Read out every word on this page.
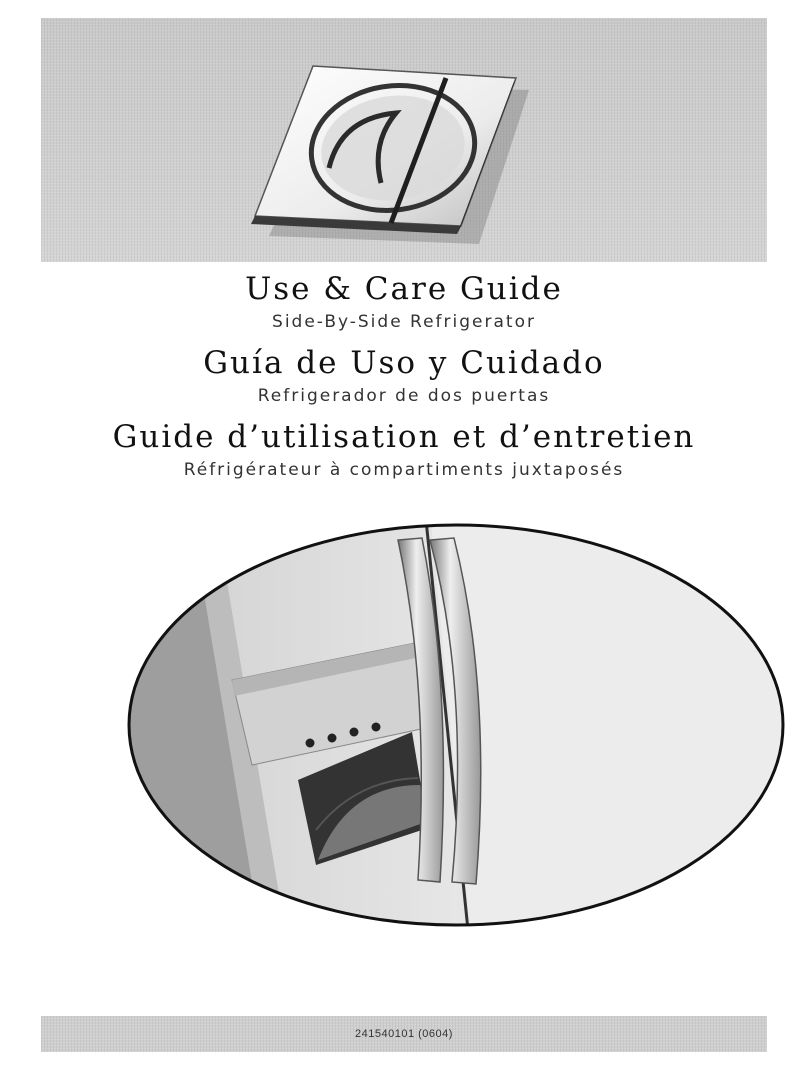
Use & Care Guide

Side-By-Side Refrigerator

Guía de Uso y Cuidado

Refrigerador de dos puertas

Guide d’utilisation et d’entretien

Réfrigérateur à compartiments juxtaposés

241540101 (0604)
